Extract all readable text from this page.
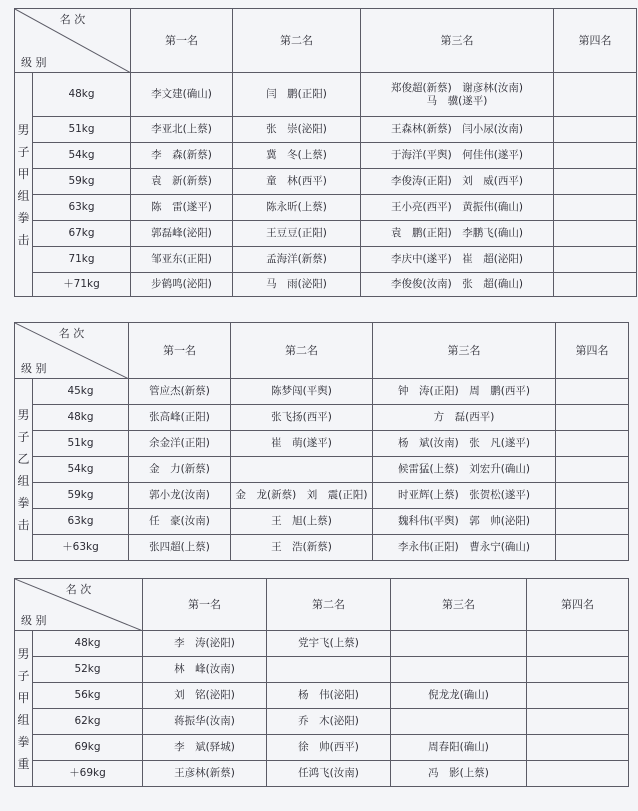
名 次
级 别		第一名	第二名	第三名	第四名

男子甲组拳击	48kg	李文建(确山)	闫　鹏(正阳)	郑俊超(新蔡)　谢彦林(汝南)
马　骥(遂平)	

	51kg	李亚北(上蔡)	张　崇(泌阳)	王森林(新蔡)　闫小尿(汝南)	
	54kg	李　森(新蔡)	冀　冬(上蔡)	于海洋(平舆)　何佳伟(遂平)	
	59kg	袁　新(新蔡)	童　林(西平)	李俊涛(正阳)　刘　威(西平)	
	63kg	陈　雷(遂平)	陈永昕(上蔡)	王小亮(西平)　黄振伟(确山)	
	67kg	郭磊峰(泌阳)	王豆豆(正阳)	袁　鹏(正阳)　李鹏飞(确山)	
	71kg	邹亚东(正阳)	孟海洋(新蔡)	李庆中(遂平)　崔　超(泌阳)	
	＋71kg	步鹤鸣(泌阳)	马　雨(泌阳)	李俊俊(汝南)　张　超(确山)	
名 次
级 别		第一名	第二名	第三名	第四名

男子乙组拳击	45kg	管应杰(新蔡)	陈梦闯(平舆)	钟　涛(正阳)　周　鹏(西平)	
	48kg	张高峰(正阳)	张飞扬(西平)	方　磊(西平)	
	51kg	余金洋(正阳)	崔　萌(遂平)	杨　斌(汝南)　张　凡(遂平)	
	54kg	金　力(新蔡)		候雷猛(上蔡)　刘宏升(确山)	
	59kg	郭小龙(汝南)	金　龙(新蔡)　刘　震(正阳)	时亚辉(上蔡)　张贺松(遂平)	
	63kg	任　豪(汝南)	王　旭(上蔡)	魏科伟(平舆)　郭　帅(泌阳)	
	＋63kg	张四超(上蔡)	王　浩(新蔡)	李永伟(正阳)　曹永宁(确山)	
名 次
级 别		第一名	第二名	第三名	第四名

男子甲组拳重	48kg	李　涛(泌阳)	党宇飞(上蔡)		
	52kg	林　峰(汝南)			
	56kg	刘　铭(泌阳)	杨　伟(泌阳)	倪龙龙(确山)	
	62kg	蒋振华(汝南)	乔　木(泌阳)		
	69kg	李　斌(驿城)	徐　帅(西平)	周春阳(确山)	
	＋69kg	王彦林(新蔡)	任鸿飞(汝南)	冯　影(上蔡)	
